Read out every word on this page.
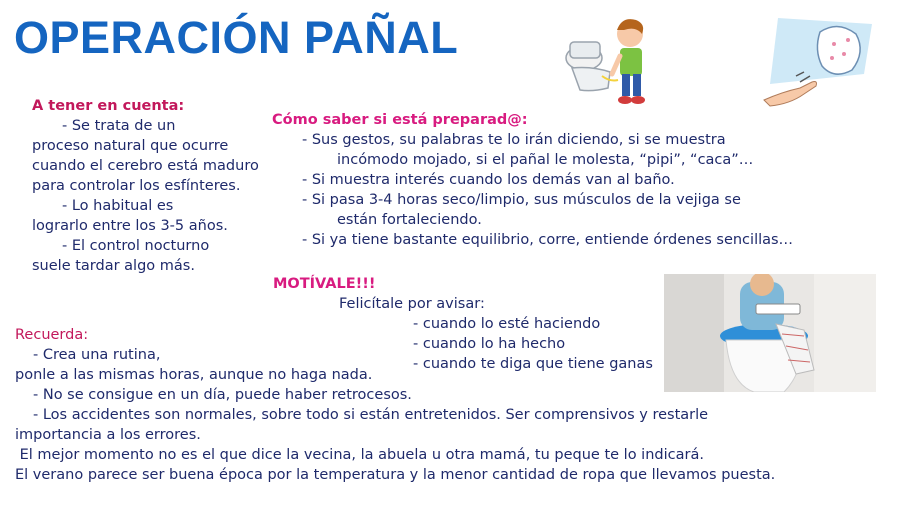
OPERACIÓN PAÑAL
A tener en cuenta:
- Se trata de un
proceso natural que ocurre cuando el cerebro está maduro para controlar los esfínteres.
- Lo habitual es
lograrlo entre los 3-5 años.
- El control nocturno
suele tardar algo más.
Cómo saber si está preparad@:
- Sus gestos, su palabras te lo irán diciendo, si se muestra
incómodo mojado, si el pañal le molesta, “pipi”, “caca”…
- Si muestra interés cuando los demás van al baño.
- Si pasa 3-4 horas seco/limpio, sus músculos de la vejiga se
están fortaleciendo.
- Si ya tiene bastante equilibrio, corre, entiende órdenes sencillas…
MOTÍVALE!!!
Felicítale por avisar:
- cuando lo esté haciendo
- cuando lo ha hecho
- cuando te diga que tiene ganas
Recuerda:
- Crea una rutina,
ponle a las mismas horas, aunque no haga nada.
- No se consigue en un día, puede haber retrocesos.
- Los accidentes son normales, sobre todo si están entretenidos. Ser comprensivos y restarle
importancia a los errores.
El mejor momento no es el que dice la vecina, la abuela u otra mamá, tu peque te lo indicará.
El verano parece ser buena época por la temperatura y la menor cantidad de ropa que llevamos puesta.
